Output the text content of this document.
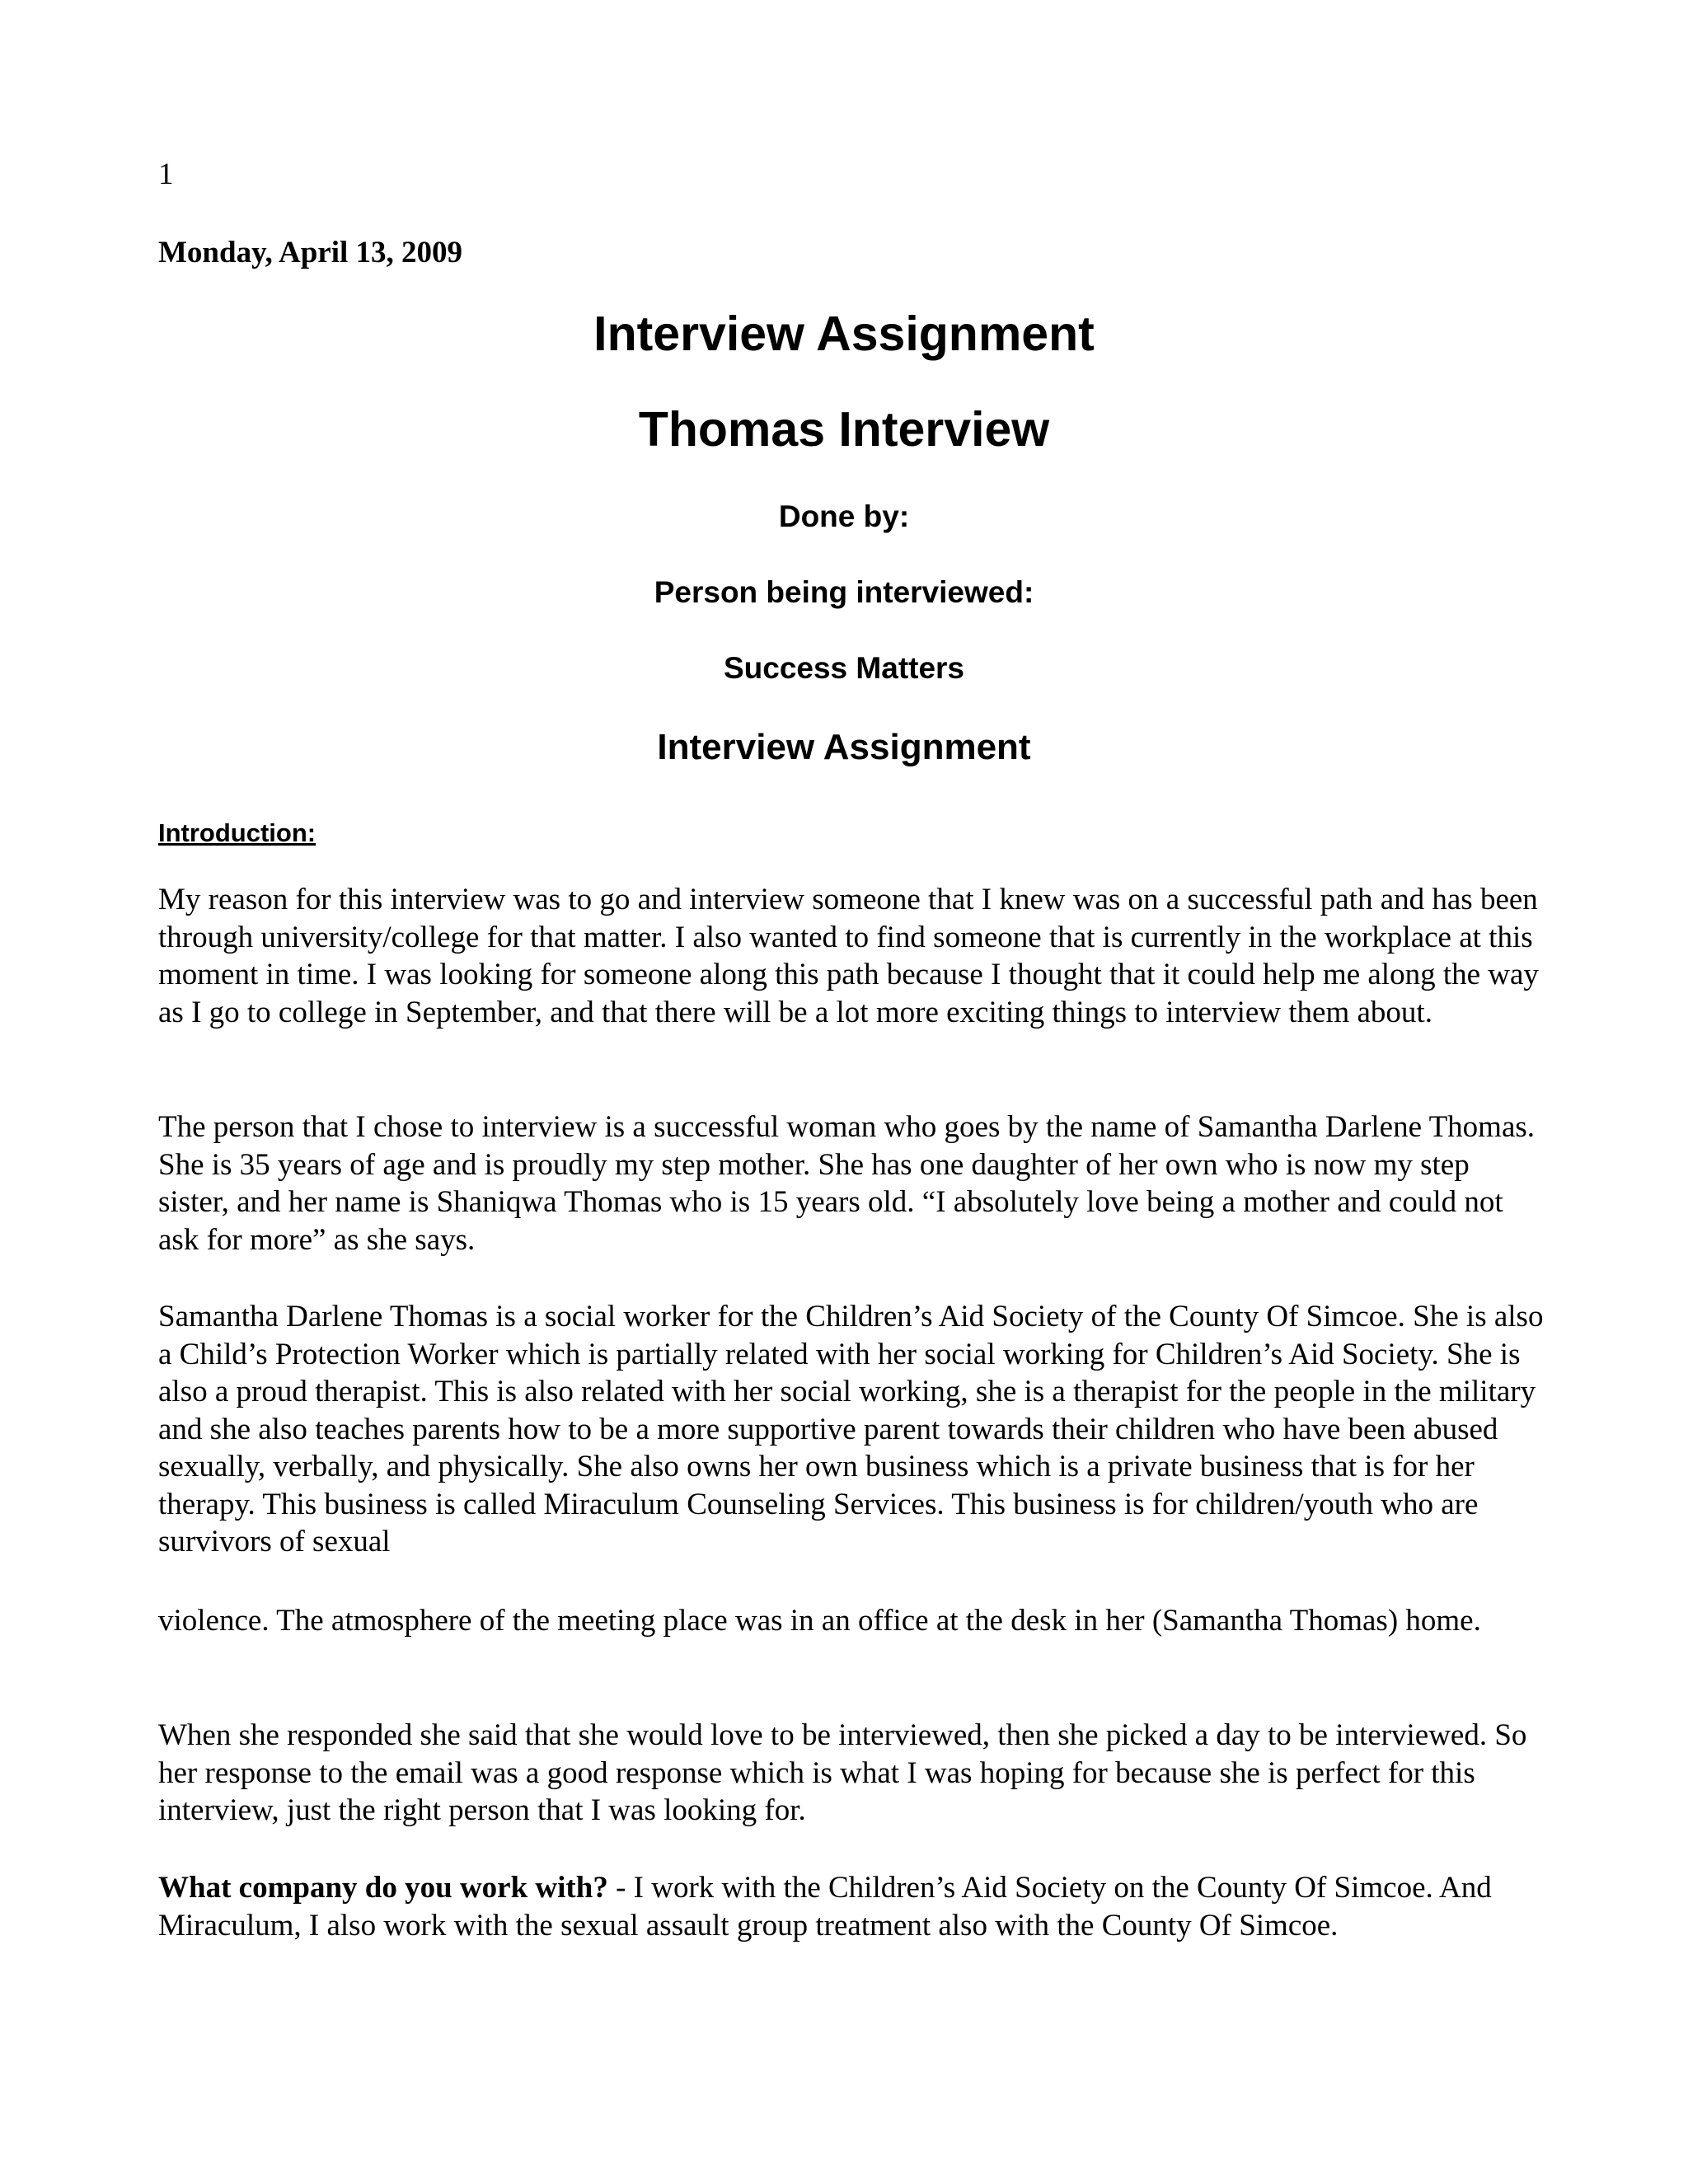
1

Monday, April 13, 2009

Interview Assignment
Thomas Interview

Done by:

Person being interviewed:

Success Matters

Interview Assignment

Introduction:

My reason for this interview was to go and interview someone that I knew was on a successful path and has been through university/college for that matter. I also wanted to find someone that is currently in the workplace at this moment in time. I was looking for someone along this path because I thought that it could help me along the way as I go to college in September, and that there will be a lot more exciting things to interview them about.

The person that I chose to interview is a successful woman who goes by the name of Samantha Darlene Thomas. She is 35 years of age and is proudly my step mother. She has one daughter of her own who is now my step sister, and her name is Shaniqwa Thomas who is 15 years old. “I absolutely love being a mother and could not ask for more” as she says.

Samantha Darlene Thomas is a social worker for the Children’s Aid Society of the County Of Simcoe. She is also a Child’s Protection Worker which is partially related with her social working for Children’s Aid Society. She is also a proud therapist. This is also related with her social working, she is a therapist for the people in the military and she also teaches parents how to be a more supportive parent towards their children who have been abused sexually, verbally, and physically. She also owns her own business which is a private business that is for her therapy. This business is called Miraculum Counseling Services. This business is for children/youth who are survivors of sexual

violence. The atmosphere of the meeting place was in an office at the desk in her (Samantha Thomas) home.

When she responded she said that she would love to be interviewed, then she picked a day to be interviewed. So her response to the email was a good response which is what I was hoping for because she is perfect for this interview, just the right person that I was looking for.

What company do you work with? - I work with the Children’s Aid Society on the County Of Simcoe. And Miraculum, I also work with the sexual assault group treatment also with the County Of Simcoe.
